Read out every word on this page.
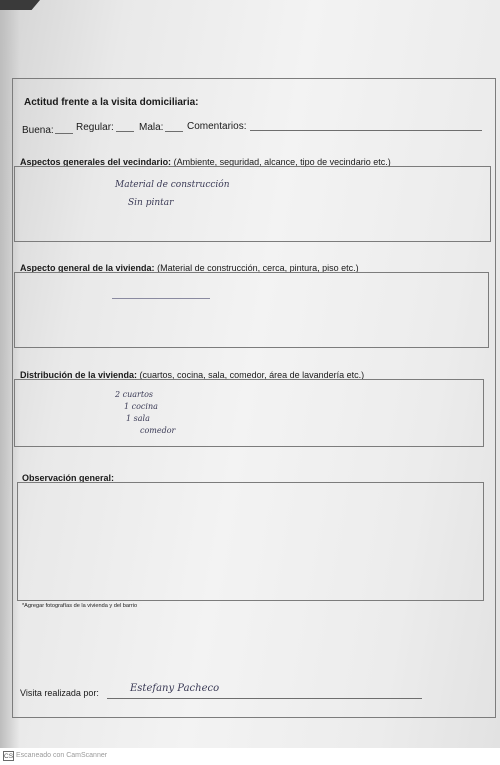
Actitud frente a la visita domiciliaria:
Buena: Regular:	Mala: Comentarios:
Aspectos generales del vecindario: (Ambiente, seguridad, alcance, tipo de vecindario etc.)
Material de construcción
Sin pintar
Aspecto general de la vivienda: (Material de construcción, cerca, pintura, piso etc.)
Distribución de la vivienda: (cuartos, cocina, sala, comedor, área de lavandería etc.)
2 cuartos
1 cocina
1 sala
comedor
Observación general:
*Agregar fotografías de la vivienda y del barrio
Visita realizada por:	Estefany Pacheco
CS Escaneado con CamScanner
